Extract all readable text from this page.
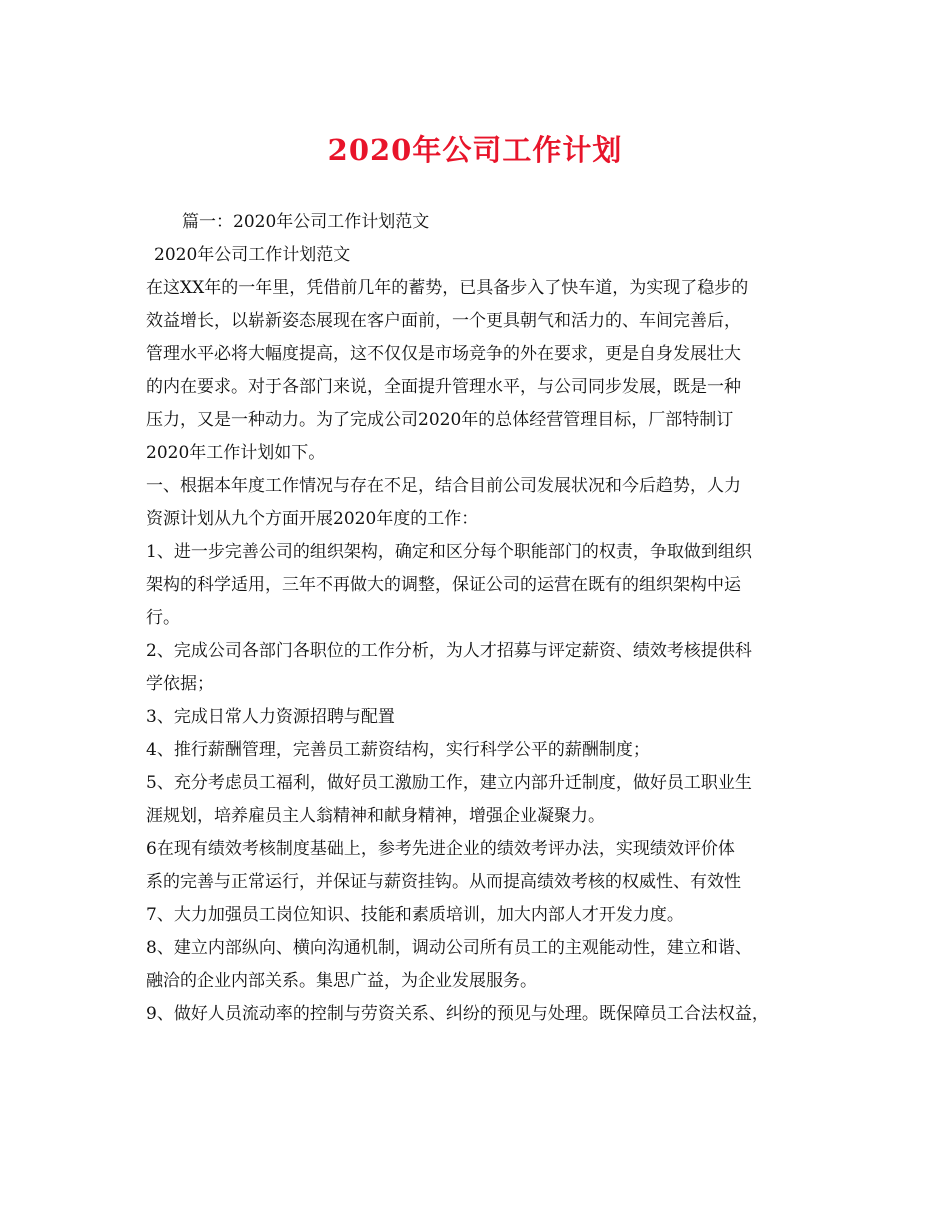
2020年公司工作计划
篇一：2020年公司工作计划范文
2020年公司工作计划范文
在这XX年的一年里，凭借前几年的蓄势，已具备步入了快车道，为实现了稳步的
效益增长，以崭新姿态展现在客户面前，一个更具朝气和活力的、车间完善后，
管理水平必将大幅度提高，这不仅仅是市场竞争的外在要求，更是自身发展壮大
的内在要求。对于各部门来说，全面提升管理水平，与公司同步发展，既是一种
压力，又是一种动力。为了完成公司2020年的总体经营管理目标，厂部特制订
2020年工作计划如下。
一、根据本年度工作情况与存在不足，结合目前公司发展状况和今后趋势，人力
资源计划从九个方面开展2020年度的工作：
1、进一步完善公司的组织架构，确定和区分每个职能部门的权责，争取做到组织
架构的科学适用，三年不再做大的调整，保证公司的运营在既有的组织架构中运
行。
2、完成公司各部门各职位的工作分析，为人才招募与评定薪资、绩效考核提供科
学依据；
3、完成日常人力资源招聘与配置
4、推行薪酬管理，完善员工薪资结构，实行科学公平的薪酬制度；
5、充分考虑员工福利，做好员工激励工作，建立内部升迁制度，做好员工职业生
涯规划，培养雇员主人翁精神和献身精神，增强企业凝聚力。
6在现有绩效考核制度基础上，参考先进企业的绩效考评办法，实现绩效评价体
系的完善与正常运行，并保证与薪资挂钩。从而提高绩效考核的权威性、有效性
7、大力加强员工岗位知识、技能和素质培训，加大内部人才开发力度。
8、建立内部纵向、横向沟通机制，调动公司所有员工的主观能动性，建立和谐、
融洽的企业内部关系。集思广益，为企业发展服务。
9、做好人员流动率的控制与劳资关系、纠纷的预见与处理。既保障员工合法权益，
